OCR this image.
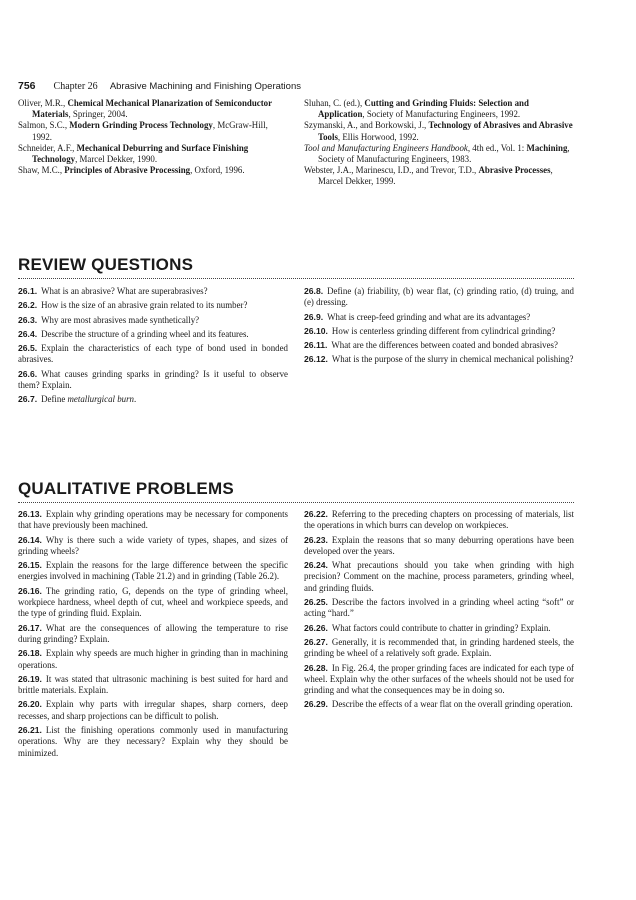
756 Chapter 26 Abrasive Machining and Finishing Operations
Oliver, M.R., Chemical Mechanical Planarization of Semiconductor Materials, Springer, 2004.
Salmon, S.C., Modern Grinding Process Technology, McGraw-Hill, 1992.
Schneider, A.F., Mechanical Deburring and Surface Finishing Technology, Marcel Dekker, 1990.
Shaw, M.C., Principles of Abrasive Processing, Oxford, 1996.
Sluhan, C. (ed.), Cutting and Grinding Fluids: Selection and Application, Society of Manufacturing Engineers, 1992.
Szymanski, A., and Borkowski, J., Technology of Abrasives and Abrasive Tools, Ellis Horwood, 1992.
Tool and Manufacturing Engineers Handbook, 4th ed., Vol. 1: Machining, Society of Manufacturing Engineers, 1983.
Webster, J.A., Marinescu, I.D., and Trevor, T.D., Abrasive Processes, Marcel Dekker, 1999.
REVIEW QUESTIONS
26.1. What is an abrasive? What are superabrasives?
26.2. How is the size of an abrasive grain related to its number?
26.3. Why are most abrasives made synthetically?
26.4. Describe the structure of a grinding wheel and its features.
26.5. Explain the characteristics of each type of bond used in bonded abrasives.
26.6. What causes grinding sparks in grinding? Is it useful to observe them? Explain.
26.7. Define metallurgical burn.
26.8. Define (a) friability, (b) wear flat, (c) grinding ratio, (d) truing, and (e) dressing.
26.9. What is creep-feed grinding and what are its advantages?
26.10. How is centerless grinding different from cylindrical grinding?
26.11. What are the differences between coated and bonded abrasives?
26.12. What is the purpose of the slurry in chemical mechanical polishing?
QUALITATIVE PROBLEMS
26.13. Explain why grinding operations may be necessary for components that have previously been machined.
26.14. Why is there such a wide variety of types, shapes, and sizes of grinding wheels?
26.15. Explain the reasons for the large difference between the specific energies involved in machining (Table 21.2) and in grinding (Table 26.2).
26.16. The grinding ratio, G, depends on the type of grinding wheel, workpiece hardness, wheel depth of cut, wheel and workpiece speeds, and the type of grinding fluid. Explain.
26.17. What are the consequences of allowing the temperature to rise during grinding? Explain.
26.18. Explain why speeds are much higher in grinding than in machining operations.
26.19. It was stated that ultrasonic machining is best suited for hard and brittle materials. Explain.
26.20. Explain why parts with irregular shapes, sharp corners, deep recesses, and sharp projections can be difficult to polish.
26.21. List the finishing operations commonly used in manufacturing operations. Why are they necessary? Explain why they should be minimized.
26.22. Referring to the preceding chapters on processing of materials, list the operations in which burrs can develop on workpieces.
26.23. Explain the reasons that so many deburring operations have been developed over the years.
26.24. What precautions should you take when grinding with high precision? Comment on the machine, process parameters, grinding wheel, and grinding fluids.
26.25. Describe the factors involved in a grinding wheel acting “soft” or acting “hard.”
26.26. What factors could contribute to chatter in grinding? Explain.
26.27. Generally, it is recommended that, in grinding hardened steels, the grinding be wheel of a relatively soft grade. Explain.
26.28. In Fig. 26.4, the proper grinding faces are indicated for each type of wheel. Explain why the other surfaces of the wheels should not be used for grinding and what the consequences may be in doing so.
26.29. Describe the effects of a wear flat on the overall grinding operation.
